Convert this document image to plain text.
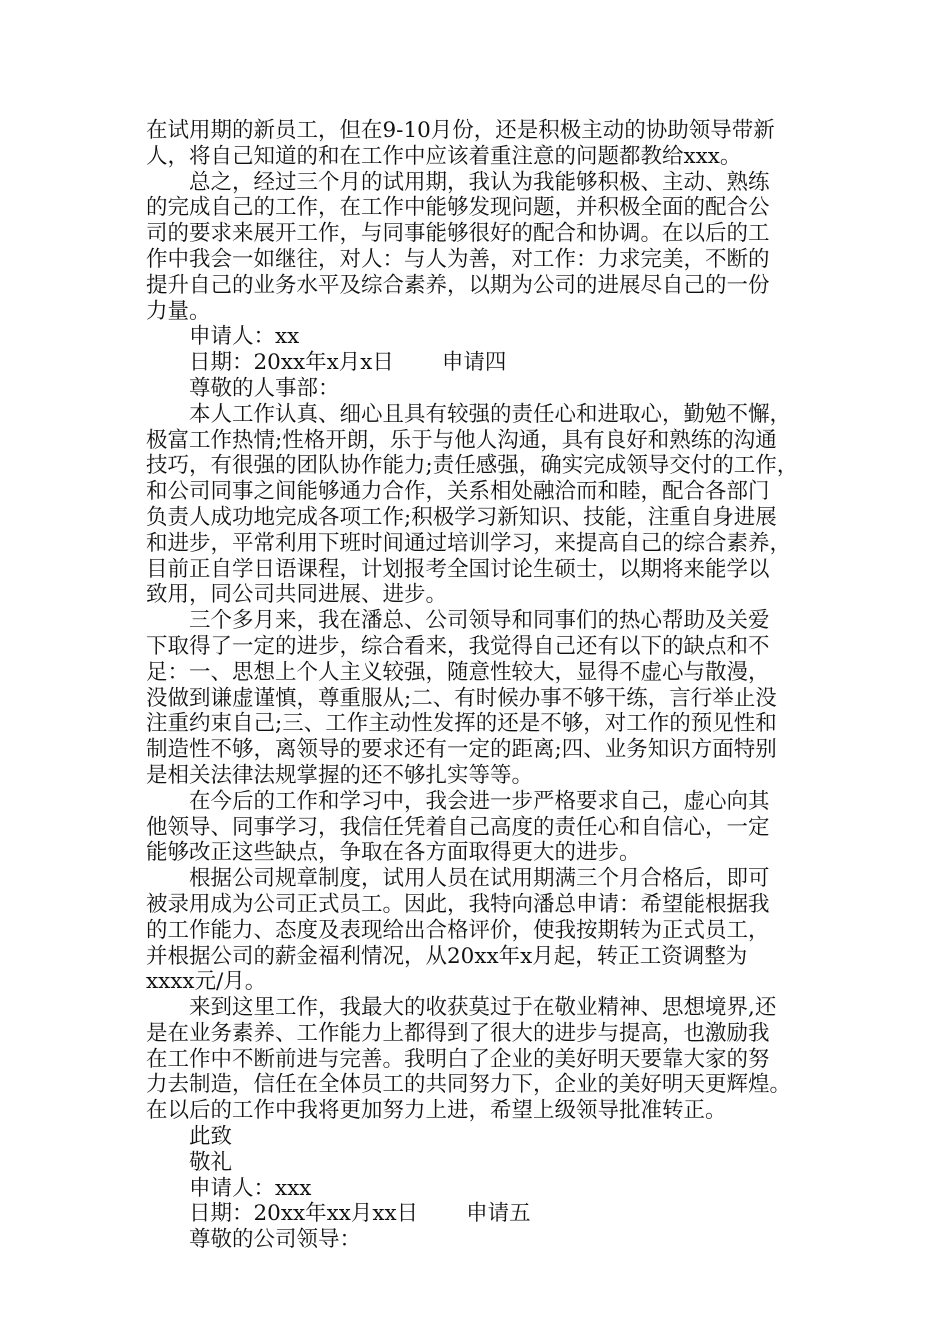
在试用期的新员工，但在9-10月份，还是积极主动的协助领导带新
人，将自己知道的和在工作中应该着重注意的问题都教给xxx。
总之，经过三个月的试用期，我认为我能够积极、主动、熟练
的完成自己的工作，在工作中能够发现问题，并积极全面的配合公
司的要求来展开工作，与同事能够很好的配合和协调。在以后的工
作中我会一如继往，对人：与人为善，对工作：力求完美，不断的
提升自己的业务水平及综合素养，以期为公司的进展尽自己的一份
力量。
申请人：xx
日期：20xx年x月x日 申请四
尊敬的人事部：
本人工作认真、细心且具有较强的责任心和进取心，勤勉不懈，
极富工作热情;性格开朗，乐于与他人沟通，具有良好和熟练的沟通
技巧，有很强的团队协作能力;责任感强，确实完成领导交付的工作，
和公司同事之间能够通力合作，关系相处融洽而和睦，配合各部门
负责人成功地完成各项工作;积极学习新知识、技能，注重自身进展
和进步，平常利用下班时间通过培训学习，来提高自己的综合素养，
目前正自学日语课程，计划报考全国讨论生硕士，以期将来能学以
致用，同公司共同进展、进步。
三个多月来，我在潘总、公司领导和同事们的热心帮助及关爱
下取得了一定的进步，综合看来，我觉得自己还有以下的缺点和不
足：一、思想上个人主义较强，随意性较大，显得不虚心与散漫，
没做到谦虚谨慎，尊重服从;二、有时候办事不够干练，言行举止没
注重约束自己;三、工作主动性发挥的还是不够，对工作的预见性和
制造性不够，离领导的要求还有一定的距离;四、业务知识方面特别
是相关法律法规掌握的还不够扎实等等。
在今后的工作和学习中，我会进一步严格要求自己，虚心向其
他领导、同事学习，我信任凭着自己高度的责任心和自信心，一定
能够改正这些缺点，争取在各方面取得更大的进步。
根据公司规章制度，试用人员在试用期满三个月合格后，即可
被录用成为公司正式员工。因此，我特向潘总申请：希望能根据我
的工作能力、态度及表现给出合格评价，使我按期转为正式员工，
并根据公司的薪金福利情况，从20xx年x月起，转正工资调整为
xxxx元/月。
来到这里工作，我最大的收获莫过于在敬业精神、思想境界,还
是在业务素养、工作能力上都得到了很大的进步与提高，也激励我
在工作中不断前进与完善。我明白了企业的美好明天要靠大家的努
力去制造，信任在全体员工的共同努力下，企业的美好明天更辉煌。
在以后的工作中我将更加努力上进，希望上级领导批准转正。
此致
敬礼
申请人：xxx
日期：20xx年xx月xx日 申请五
尊敬的公司领导：
